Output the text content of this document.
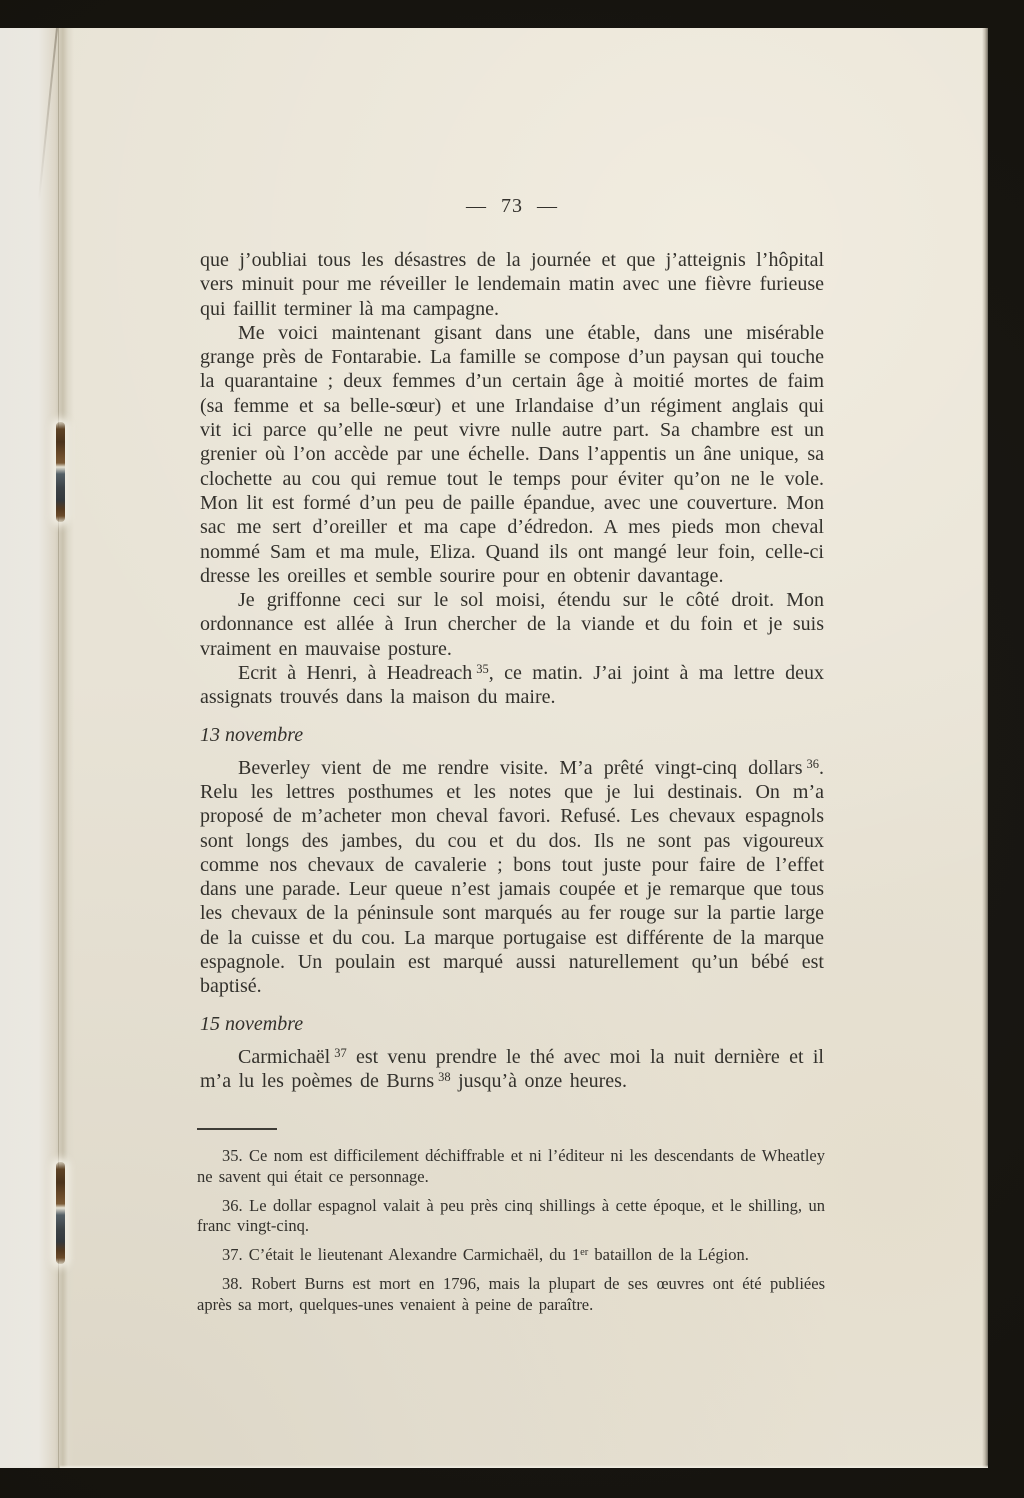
— 73 —

que j’oubliai tous les désastres de la journée et que j’atteignis l’hôpital vers minuit pour me réveiller le lendemain matin avec une fièvre furieuse qui faillit terminer là ma campagne.

Me voici maintenant gisant dans une étable, dans une misérable grange près de Fontarabie. La famille se compose d’un paysan qui touche la quarantaine ; deux femmes d’un certain âge à moitié mortes de faim (sa femme et sa belle-sœur) et une Irlandaise d’un régiment anglais qui vit ici parce qu’elle ne peut vivre nulle autre part. Sa chambre est un grenier où l’on accède par une échelle. Dans l’appentis un âne unique, sa clochette au cou qui remue tout le temps pour éviter qu’on ne le vole. Mon lit est formé d’un peu de paille épandue, avec une couverture. Mon sac me sert d’oreiller et ma cape d’édredon. A mes pieds mon cheval nommé Sam et ma mule, Eliza. Quand ils ont mangé leur foin, celle-ci dresse les oreilles et semble sourire pour en obtenir davantage.

Je griffonne ceci sur le sol moisi, étendu sur le côté droit. Mon ordonnance est allée à Irun chercher de la viande et du foin et je suis vraiment en mauvaise posture.

Ecrit à Henri, à Headreach $^{35}$, ce matin. J’ai joint à ma lettre deux assignats trouvés dans la maison du maire.

13 novembre

Beverley vient de me rendre visite. M’a prêté vingt-cinq dollars $^{36}$. Relu les lettres posthumes et les notes que je lui destinais. On m’a proposé de m’acheter mon cheval favori. Refusé. Les chevaux espagnols sont longs des jambes, du cou et du dos. Ils ne sont pas vigoureux comme nos chevaux de cavalerie ; bons tout juste pour faire de l’effet dans une parade. Leur queue n’est jamais coupée et je remarque que tous les chevaux de la péninsule sont marqués au fer rouge sur la partie large de la cuisse et du cou. La marque portugaise est différente de la marque espagnole. Un poulain est marqué aussi naturellement qu’un bébé est baptisé.

15 novembre

Carmichaël $^{37}$ est venu prendre le thé avec moi la nuit dernière et il m’a lu les poèmes de Burns $^{38}$ jusqu’à onze heures.

35. Ce nom est difficilement déchiffrable et ni l’éditeur ni les descendants de Wheatley ne savent qui était ce personnage.

36. Le dollar espagnol valait à peu près cinq shillings à cette époque, et le shilling, un franc vingt-cinq.

37. C’était le lieutenant Alexandre Carmichaël, du 1er bataillon de la Légion.

38. Robert Burns est mort en 1796, mais la plupart de ses œuvres ont été publiées après sa mort, quelques-unes venaient à peine de paraître.
